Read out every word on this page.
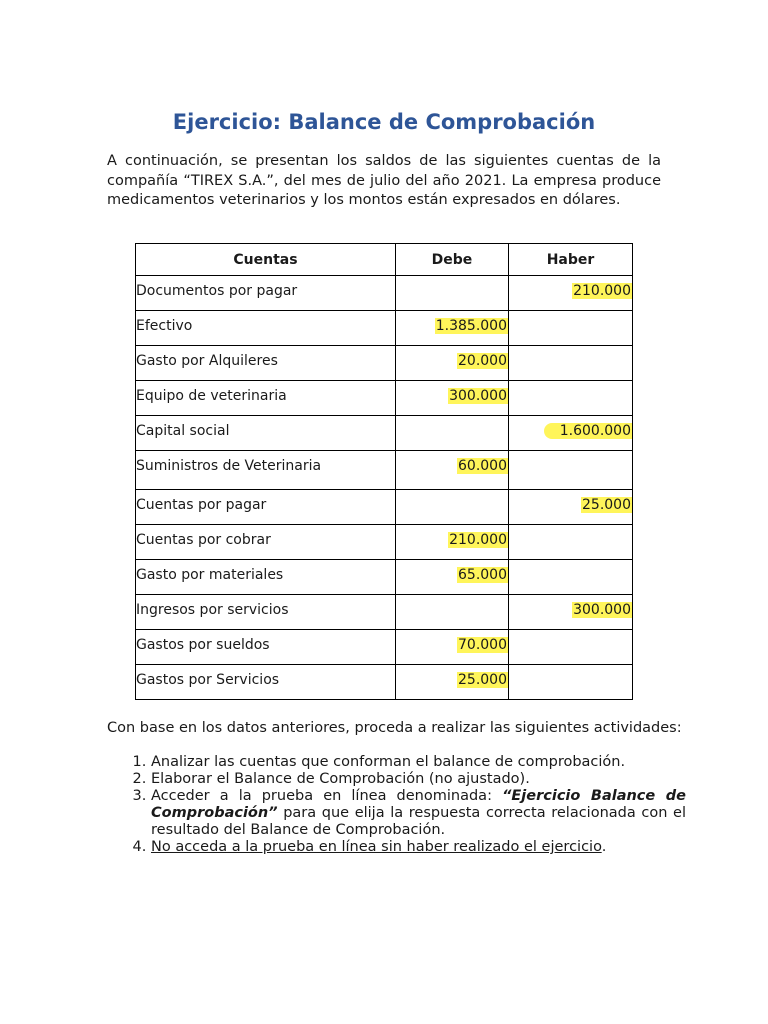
Ejercicio: Balance de Comprobación

A continuación, se presentan los saldos de las siguientes cuentas de la compañía “TIREX S.A.”, del mes de julio del año 2021. La empresa produce medicamentos veterinarios y los montos están expresados en dólares.

Cuentas	Debe	Haber
Documentos por pagar		210.000
Efectivo	1.385.000	
Gasto por Alquileres	20.000	
Equipo de veterinaria	300.000	
Capital social		1.600.000
Suministros de Veterinaria	60.000	
Cuentas por pagar		25.000
Cuentas por cobrar	210.000	
Gasto por materiales	65.000	
Ingresos por servicios		300.000
Gastos por sueldos	70.000	
Gastos por Servicios	25.000	
Con base en los datos anteriores, proceda a realizar las siguientes actividades:
1. Analizar las cuentas que conforman el balance de comprobación.
2. Elaborar el Balance de Comprobación (no ajustado).
3. Acceder a la prueba en línea denominada: “Ejercicio Balance de Comprobación” para que elija la respuesta correcta relacionada con el resultado del Balance de Comprobación.
4. No acceda a la prueba en línea sin haber realizado el ejercicio.
